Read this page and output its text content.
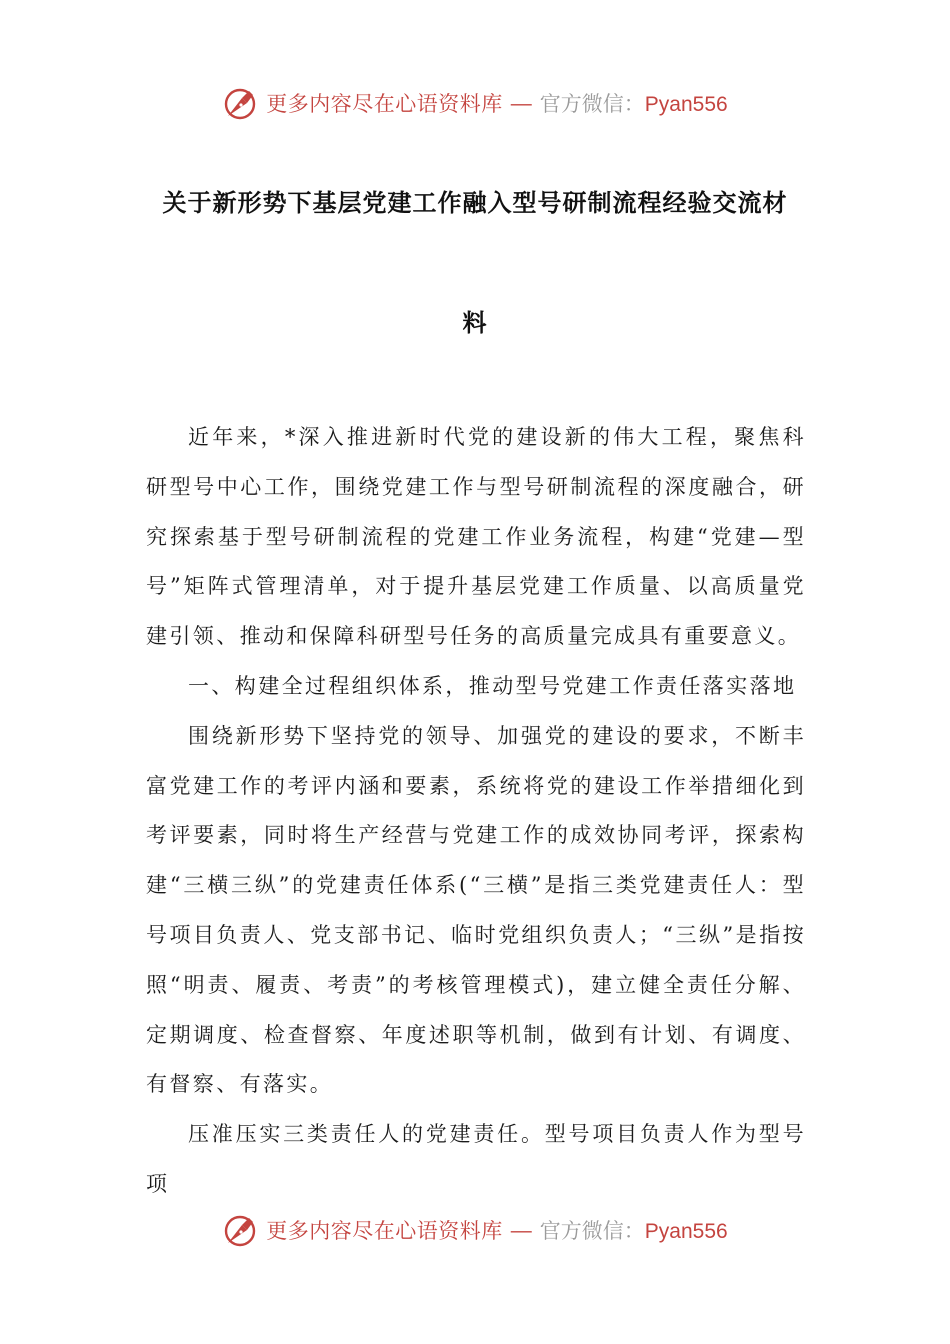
更多内容尽在心语资料库 — 官方微信：Pyan556
关于新形势下基层党建工作融入型号研制流程经验交流材
料

近年来，*深入推进新时代党的建设新的伟大工程，聚焦科研型号中心工作，围绕党建工作与型号研制流程的深度融合，研究探索基于型号研制流程的党建工作业务流程，构建“党建—型号”矩阵式管理清单，对于提升基层党建工作质量、以高质量党建引领、推动和保障科研型号任务的高质量完成具有重要意义。

一、构建全过程组织体系，推动型号党建工作责任落实落地

围绕新形势下坚持党的领导、加强党的建设的要求，不断丰富党建工作的考评内涵和要素，系统将党的建设工作举措细化到考评要素，同时将生产经营与党建工作的成效协同考评，探索构建“三横三纵”的党建责任体系(“三横”是指三类党建责任人：型号项目负责人、党支部书记、临时党组织负责人；“三纵”是指按照“明责、履责、考责”的考核管理模式)，建立健全责任分解、定期调度、检查督察、年度述职等机制，做到有计划、有调度、有督察、有落实。

压准压实三类责任人的党建责任。型号项目负责人作为型号项

更多内容尽在心语资料库 — 官方微信：Pyan556
